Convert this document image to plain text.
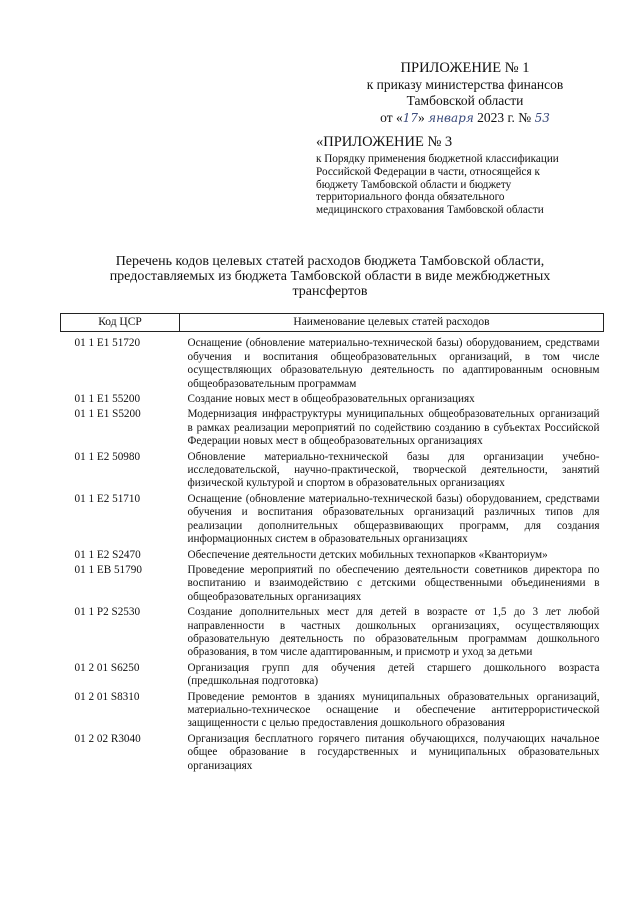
ПРИЛОЖЕНИЕ № 1
к приказу министерства финансов
Тамбовской области
от «17» января 2023 г. № 53
«ПРИЛОЖЕНИЕ № 3
к Порядку применения бюджетной классификации
Российской Федерации в части, относящейся к
бюджету Тамбовской области и бюджету
территориального фонда обязательного
медицинского страхования Тамбовской области
Перечень кодов целевых статей расходов бюджета Тамбовской области,
предоставляемых из бюджета Тамбовской области в виде межбюджетных
трансфертов
Код ЦСР	Наименование целевых статей расходов
01 1 E1 51720	Оснащение (обновление материально-технической базы) оборудованием, средствами обучения и воспитания общеобразовательных организаций, в том числе осуществляющих образовательную деятельность по адаптированным основным общеобразовательным программам
01 1 E1 55200	Создание новых мест в общеобразовательных организациях
01 1 E1 S5200	Модернизация инфраструктуры муниципальных общеобразовательных организаций в рамках реализации мероприятий по содействию созданию в субъектах Российской Федерации новых мест в общеобразовательных организациях
01 1 E2 50980	Обновление материально-технической базы для организации учебно-исследовательской, научно-практической, творческой деятельности, занятий физической культурой и спортом в образовательных организациях
01 1 E2 51710	Оснащение (обновление материально-технической базы) оборудованием, средствами обучения и воспитания образовательных организаций различных типов для реализации дополнительных общеразвивающих программ, для создания информационных систем в образовательных организациях
01 1 E2 S2470	Обеспечение деятельности детских мобильных технопарков «Кванториум»
01 1 EB 51790	Проведение мероприятий по обеспечению деятельности советников директора по воспитанию и взаимодействию с детскими общественными объединениями в общеобразовательных организациях
01 1 P2 S2530	Создание дополнительных мест для детей в возрасте от 1,5 до 3 лет любой направленности в частных дошкольных организациях, осуществляющих образовательную деятельность по образовательным программам дошкольного образования, в том числе адаптированным, и присмотр и уход за детьми
01 2 01 S6250	Организация групп для обучения детей старшего дошкольного возраста (предшкольная подготовка)
01 2 01 S8310	Проведение ремонтов в зданиях муниципальных образовательных организаций, материально-техническое оснащение и обеспечение антитеррористической защищенности с целью предоставления дошкольного образования
01 2 02 R3040	Организация бесплатного горячего питания обучающихся, получающих начальное общее образование в государственных и муниципальных образовательных организациях
